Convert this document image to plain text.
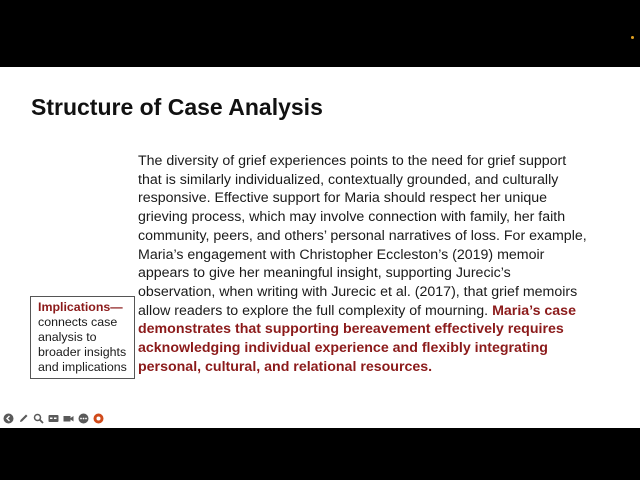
Structure of Case Analysis
The diversity of grief experiences points to the need for grief support that is similarly individualized, contextually grounded, and culturally responsive. Effective support for Maria should respect her unique grieving process, which may involve connection with family, her faith community, peers, and others’ personal narratives of loss. For example, Maria’s engagement with Christopher Eccleston’s (2019) memoir appears to give her meaningful insight, supporting Jurecic’s observation, when writing with Jurecic et al. (2017), that grief memoirs allow readers to explore the full complexity of mourning. Maria’s case demonstrates that supporting bereavement effectively requires acknowledging individual experience and flexibly integrating personal, cultural, and relational resources.
Implications— connects case analysis to broader insights and implications
